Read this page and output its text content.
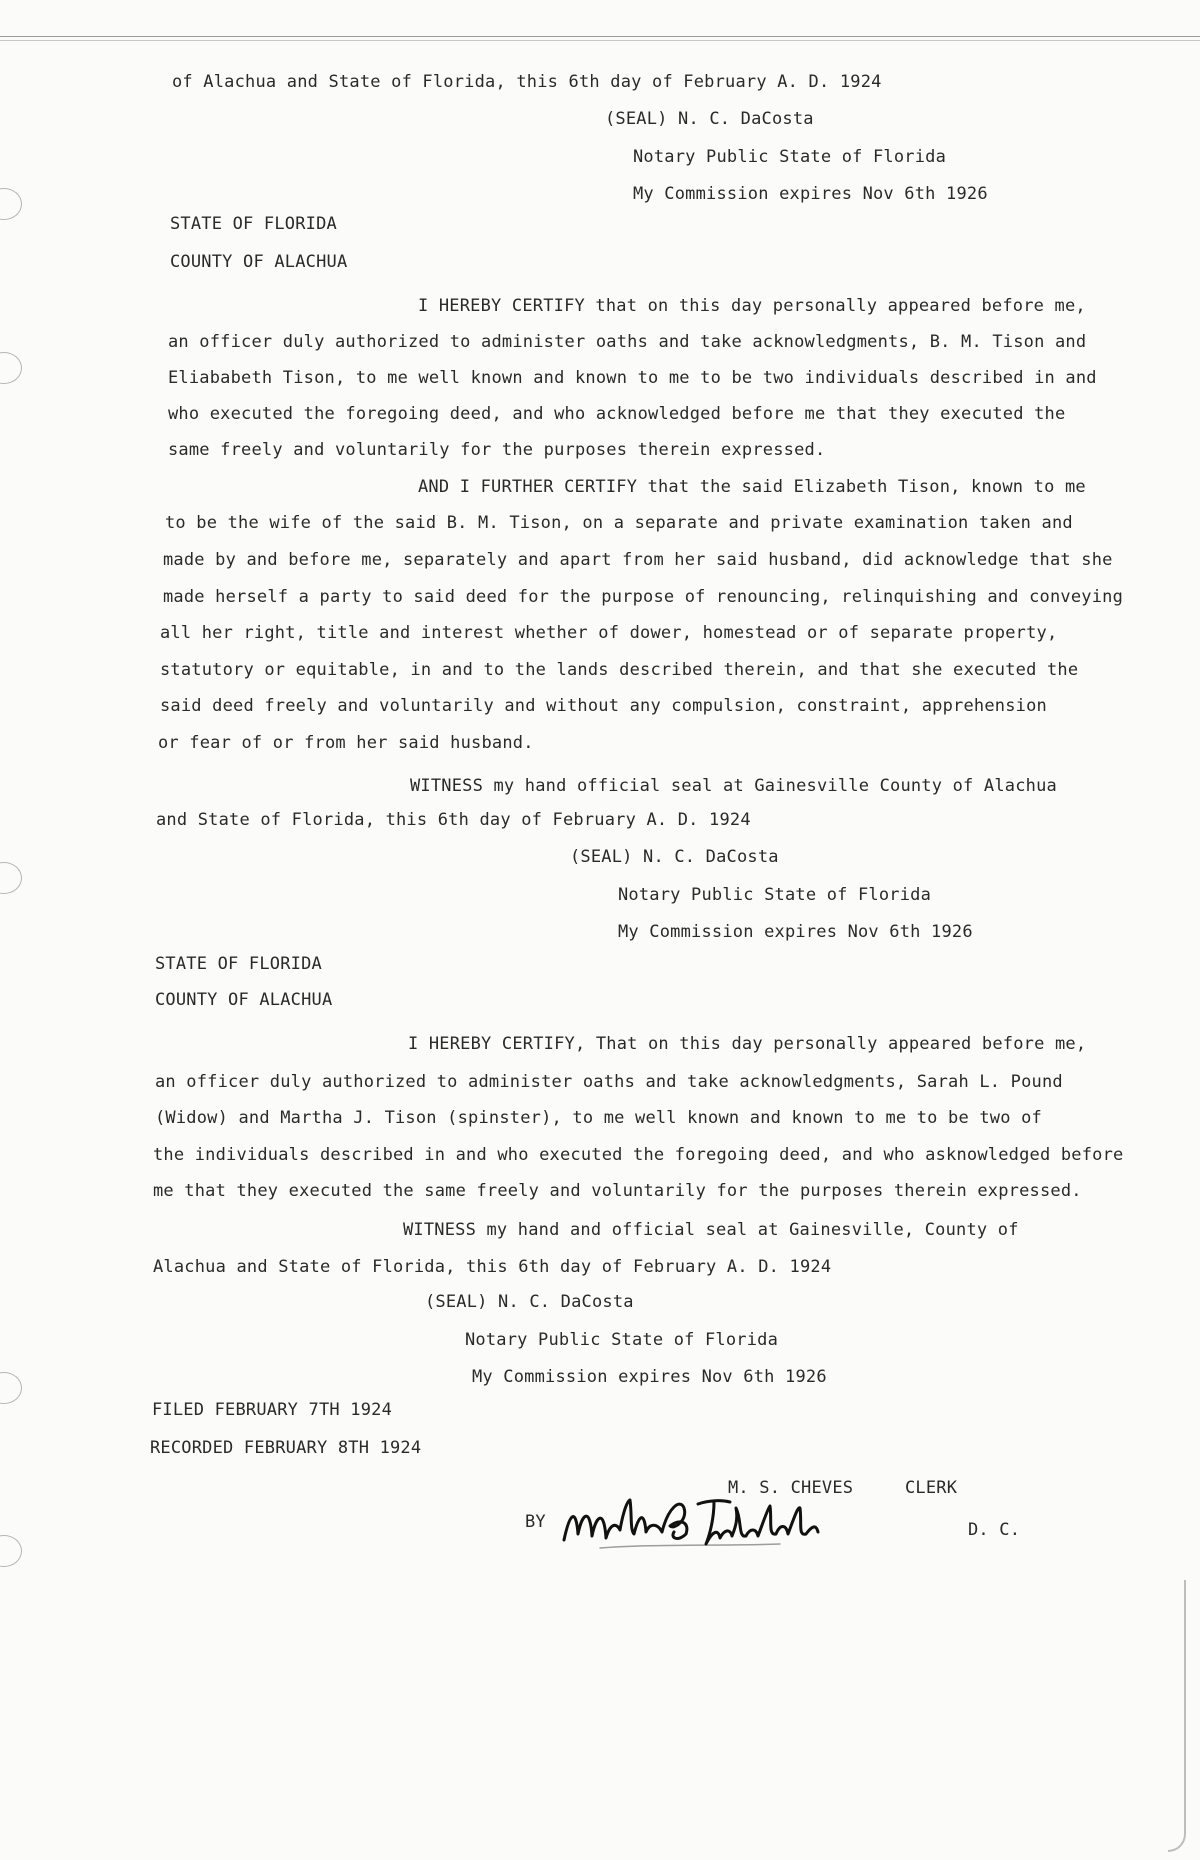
of Alachua and State of Florida, this 6th day of February A. D. 1924
(SEAL) N. C. DaCosta
Notary Public State of Florida
My Commission expires Nov 6th 1926
STATE OF FLORIDA
COUNTY OF ALACHUA
I HEREBY CERTIFY that on this day personally appeared before me,
an officer duly authorized to administer oaths and take acknowledgments, B. M. Tison and
Eliababeth Tison, to me well known and known to me to be two individuals described in and
who executed the foregoing deed, and who acknowledged before me that they executed the
same freely and voluntarily for the purposes therein expressed.
AND I FURTHER CERTIFY that the said Elizabeth Tison, known to me
to be the wife of the said B. M. Tison, on a separate and private examination taken and
made by and before me, separately and apart from her said husband, did acknowledge that she
made herself a party to said deed for the purpose of renouncing, relinquishing and conveying
all her right, title and interest whether of dower, homestead or of separate property,
statutory or equitable, in and to the lands described therein, and that she executed the
said deed freely and voluntarily and without any compulsion, constraint, apprehension
or fear of or from her said husband.
WITNESS my hand official seal at Gainesville County of Alachua
and State of Florida, this 6th day of February A. D. 1924
(SEAL) N. C. DaCosta
Notary Public State of Florida
My Commission expires Nov 6th 1926
STATE OF FLORIDA
COUNTY OF ALACHUA
I HEREBY CERTIFY, That on this day personally appeared before me,
an officer duly authorized to administer oaths and take acknowledgments, Sarah L. Pound
(Widow) and Martha J. Tison (spinster), to me well known and known to me to be two of
the individuals described in and who executed the foregoing deed, and who asknowledged before
me that they executed the same freely and voluntarily for the purposes therein expressed.
WITNESS my hand and official seal at Gainesville, County of
Alachua and State of Florida, this 6th day of February A. D. 1924
(SEAL) N. C. DaCosta
Notary Public State of Florida
My Commission expires Nov 6th 1926
FILED FEBRUARY 7TH 1924
RECORDED FEBRUARY 8TH 1924
M. S. CHEVES	CLERK
BY	D. C.
